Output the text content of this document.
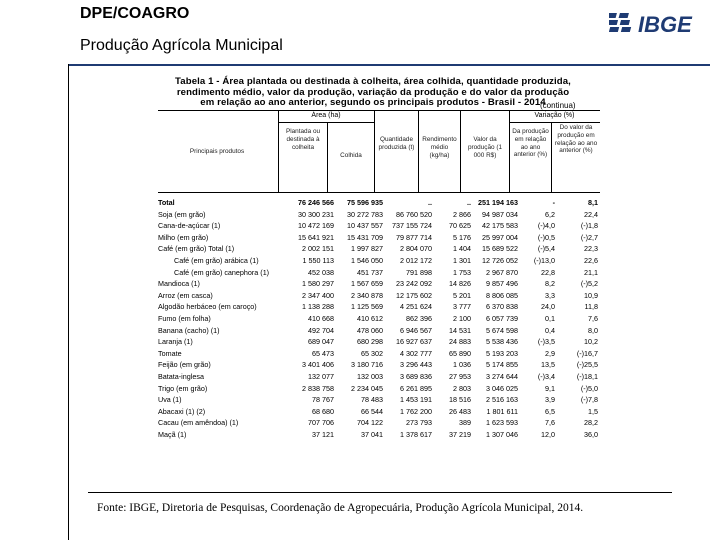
DPE/COAGRO
Produção Agrícola Municipal
IBGE
Tabela 1 - Área plantada ou destinada à colheita, área colhida, quantidade produzida,
rendimento médio, valor da produção, variação da produção e do valor da produção
em relação ao ano anterior, segundo os principais produtos - Brasil - 2014
(continua)
Área (ha)	Variação (%)
Principais produtos
Plantada ou destinada à colheita
Colhida
Quantidade produzida (t)
Rendimento médio (kg/ha)
Valor da produção (1 000 R$)
Da produção em relação ao ano anterior (%)
Do valor da produção em relação ao ano anterior (%)
Total	76 246 566	75 596 935	..	.. 251 194 163	-	8,1
Soja (em grão)	30 300 231	30 272 783	86 760 520	2 866	94 987 034	6,2	22,4
Cana-de-açúcar (1)	10 472 169	10 437 557	737 155 724	70 625	42 175 583	(-)4,0	(-)1,8
Milho (em grão)	15 641 921	15 431 709	79 877 714	5 176	25 997 004	(-)0,5	(-)2,7
Café (em grão) Total (1)	2 002 151	1 997 827	2 804 070	1 404	15 689 522	(-)5,4	22,3
Café (em grão) arábica (1)	1 550 113	1 546 050	2 012 172	1 301	12 726 052	(-)13,0	22,6
Café (em grão) canephora (1)	452 038	451 737	791 898	1 753	2 967 870	22,8	21,1
Mandioca (1)	1 580 297	1 567 659	23 242 092	14 826	9 857 496	8,2	(-)5,2
Arroz (em casca)	2 347 400	2 340 878	12 175 602	5 201	8 806 085	3,3	10,9
Algodão herbáceo (em caroço)	1 138 288	1 125 569	4 251 624	3 777	6 370 838	24,0	11,8
Fumo (em folha)	410 668	410 612	862 396	2 100	6 057 739	0,1	7,6
Banana (cacho) (1)	492 704	478 060	6 946 567	14 531	5 674 598	0,4	8,0
Laranja (1)	689 047	680 298	16 927 637	24 883	5 538 436	(-)3,5	10,2
Tomate	65 473	65 302	4 302 777	65 890	5 193 203	2,9	(-)16,7
Feijão (em grão)	3 401 406	3 180 716	3 296 443	1 036	5 174 855	13,5	(-)25,5
Batata-inglesa	132 077	132 003	3 689 836	27 953	3 274 644	(-)3,4	(-)18,1
Trigo (em grão)	2 838 758	2 234 045	6 261 895	2 803	3 046 025	9,1	(-)5,0
Uva (1)	78 767	78 483	1 453 191	18 516	2 516 163	3,9	(-)7,8
Abacaxi (1) (2)	68 680	66 544	1 762 200	26 483	1 801 611	6,5	1,5
Cacau (em amêndoa) (1)	707 706	704 122	273 793	389	1 623 593	7,6	28,2
Maçã (1)	37 121	37 041	1 378 617	37 219	1 307 046	12,0	36,0
Fonte: IBGE, Diretoria de Pesquisas, Coordenação de Agropecuária, Produção Agrícola Municipal, 2014.
